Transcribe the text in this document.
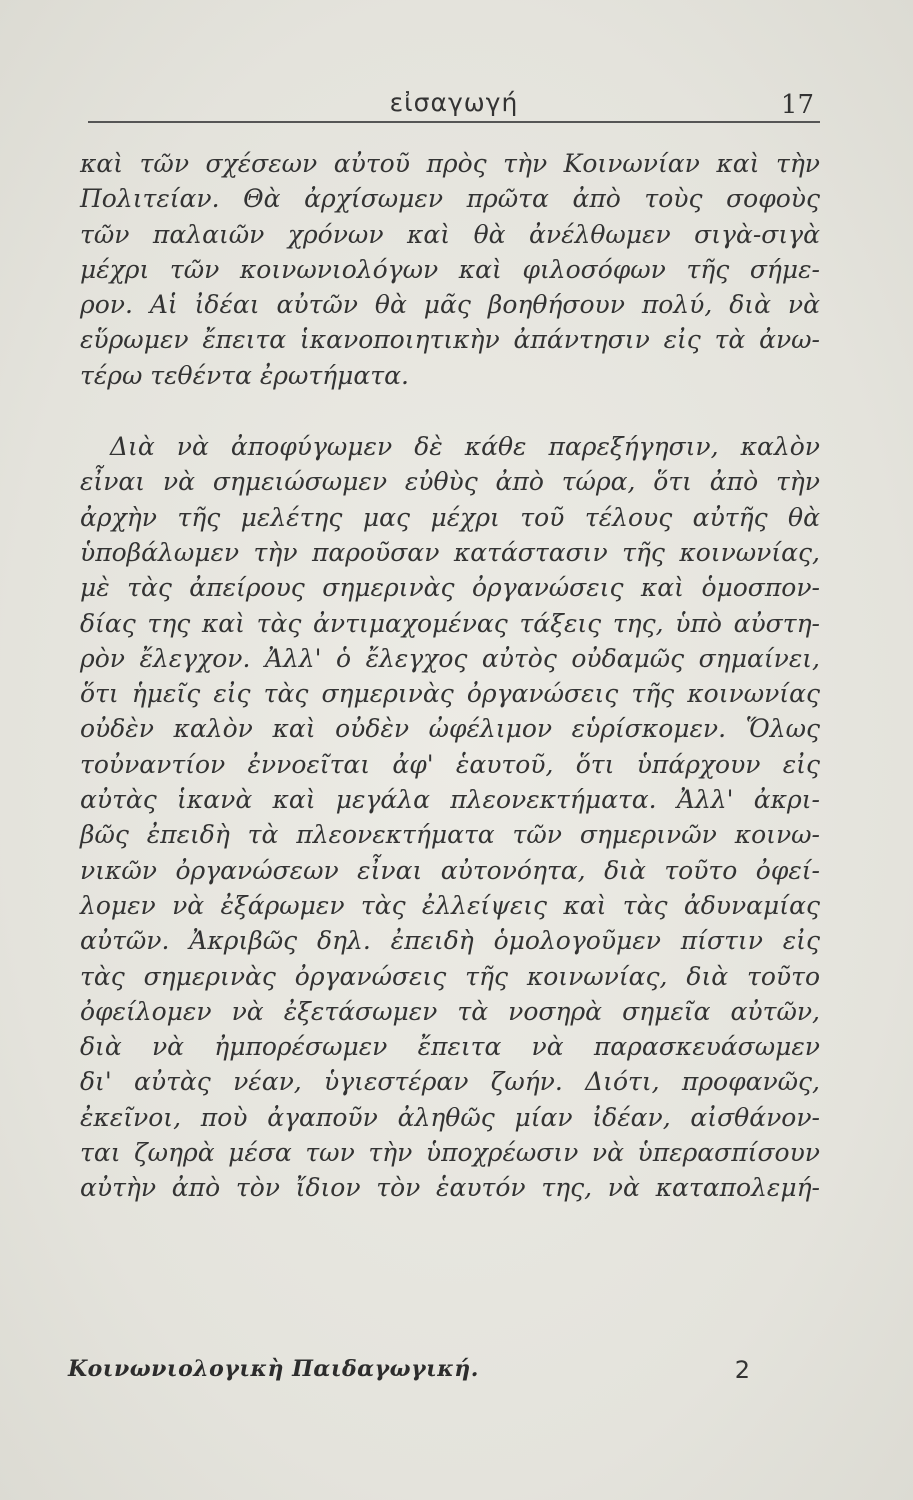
εἰσαγωγή	17
καὶ τῶν σχέσεων αὐτοῦ πρὸς τὴν Κοινωνίαν καὶ τὴν
Πολιτείαν. Θὰ ἀρχίσωμεν πρῶτα ἀπὸ τοὺς σοφοὺς
τῶν παλαιῶν χρόνων καὶ θὰ ἀνέλθωμεν σιγὰ-σιγὰ
μέχρι τῶν κοινωνιολόγων καὶ φιλοσόφων τῆς σήμε-
ρον. Αἱ ἰδέαι αὐτῶν θὰ μᾶς βοηθήσουν πολύ, διὰ νὰ
εὕρωμεν ἔπειτα ἱκανοποιητικὴν ἀπάντησιν εἰς τὰ ἀνω-
τέρω τεθέντα ἐρωτήματα.
Διὰ νὰ ἀποφύγωμεν δὲ κάθε παρεξήγησιν, καλὸν
εἶναι νὰ σημειώσωμεν εὐθὺς ἀπὸ τώρα, ὅτι ἀπὸ τὴν
ἀρχὴν τῆς μελέτης μας μέχρι τοῦ τέλους αὐτῆς θὰ
ὑποβάλωμεν τὴν παροῦσαν κατάστασιν τῆς κοινωνίας,
μὲ τὰς ἀπείρους σημερινὰς ὀργανώσεις καὶ ὁμοσπον-
δίας της καὶ τὰς ἀντιμαχομένας τάξεις της, ὑπὸ αὐστη-
ρὸν ἔλεγχον. Ἀλλ' ὁ ἔλεγχος αὐτὸς οὐδαμῶς σημαίνει,
ὅτι ἡμεῖς εἰς τὰς σημερινὰς ὀργανώσεις τῆς κοινωνίας
οὐδὲν καλὸν καὶ οὐδὲν ὠφέλιμον εὑρίσκομεν. Ὅλως
τοὐναντίον ἐννοεῖται ἀφ' ἑαυτοῦ, ὅτι ὑπάρχουν εἰς
αὐτὰς ἱκανὰ καὶ μεγάλα πλεονεκτήματα. Ἀλλ' ἀκρι-
βῶς ἐπειδὴ τὰ πλεονεκτήματα τῶν σημερινῶν κοινω-
νικῶν ὀργανώσεων εἶναι αὐτονόητα, διὰ τοῦτο ὀφεί-
λομεν νὰ ἐξάρωμεν τὰς ἐλλείψεις καὶ τὰς ἀδυναμίας
αὐτῶν. Ἀκριβῶς δηλ. ἐπειδὴ ὁμολογοῦμεν πίστιν εἰς
τὰς σημερινὰς ὀργανώσεις τῆς κοινωνίας, διὰ τοῦτο
ὀφείλομεν νὰ ἐξετάσωμεν τὰ νοσηρὰ σημεῖα αὐτῶν,
διὰ νὰ ἠμπορέσωμεν ἔπειτα νὰ παρασκευάσωμεν
δι' αὐτὰς νέαν, ὑγιεστέραν ζωήν. Διότι, προφανῶς,
ἐκεῖνοι, ποὺ ἀγαποῦν ἀληθῶς μίαν ἰδέαν, αἰσθάνον-
ται ζωηρὰ μέσα των τὴν ὑποχρέωσιν νὰ ὑπερασπίσουν
αὐτὴν ἀπὸ τὸν ἴδιον τὸν ἑαυτόν της, νὰ καταπολεμή-
Κοινωνιολογικὴ Παιδαγωγική.	2
